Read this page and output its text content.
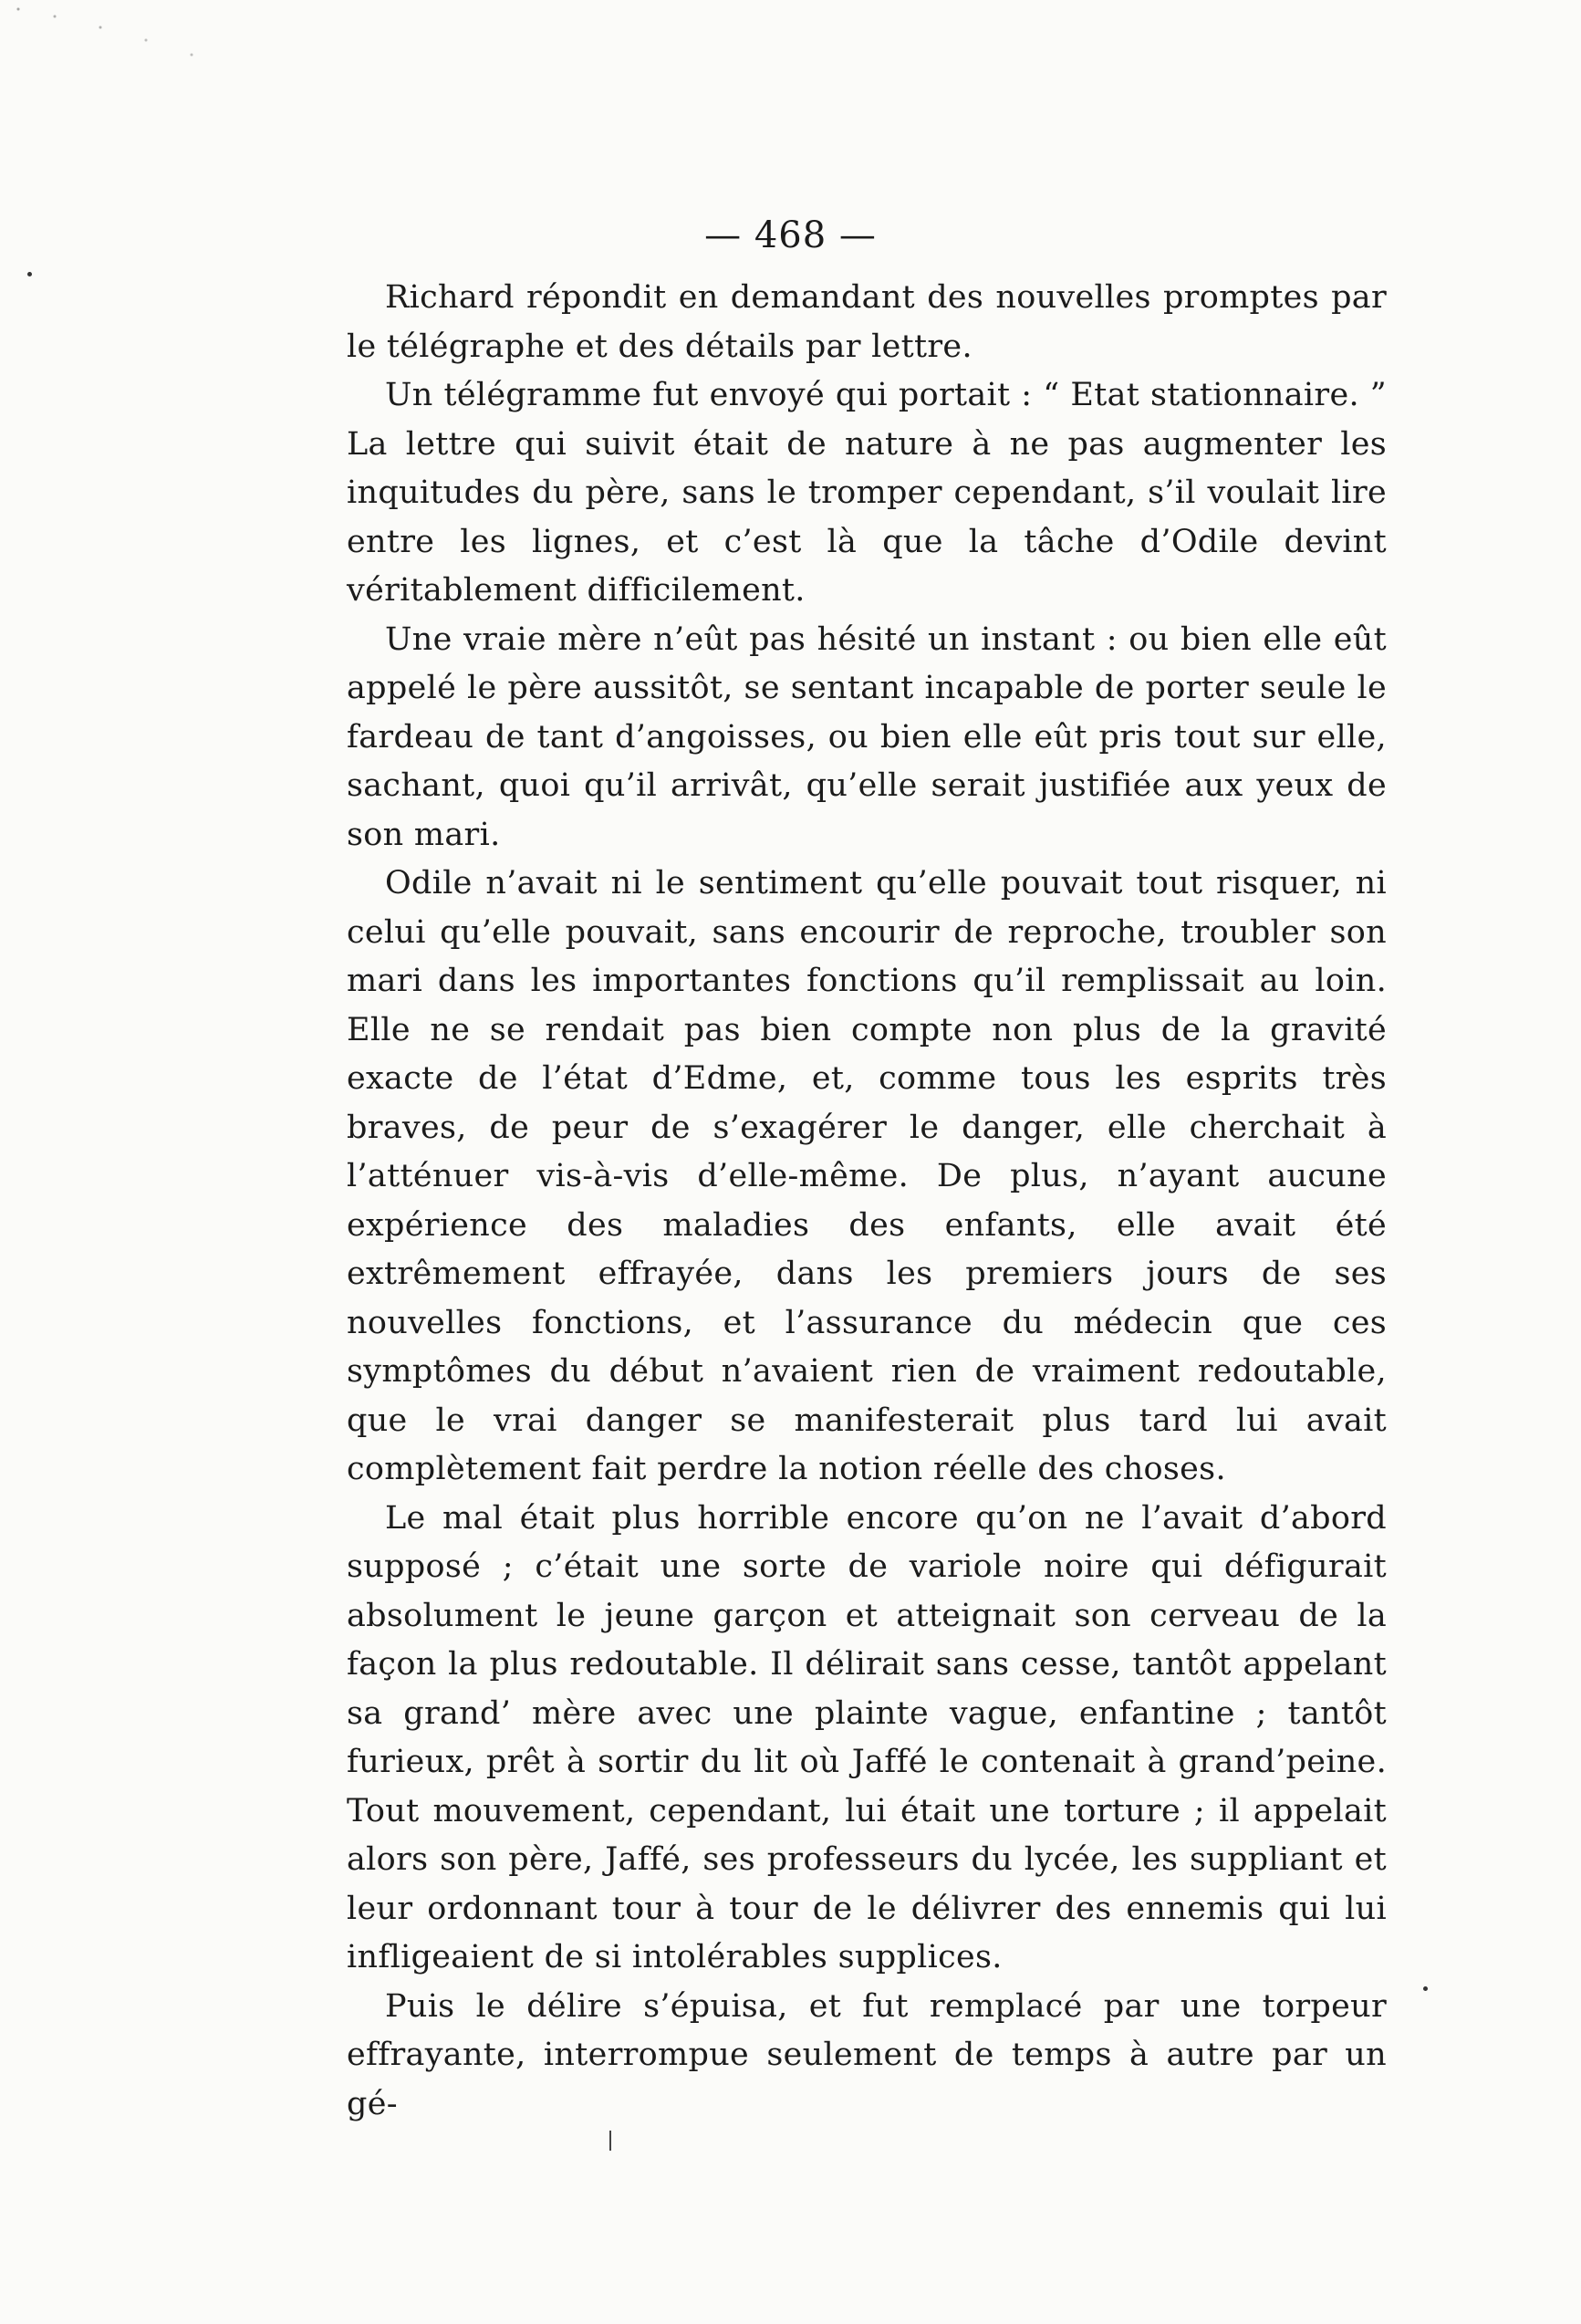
— 468 —

Richard répondit en demandant des nouvelles promptes par le télégraphe et des détails par lettre.

Un télégramme fut envoyé qui portait : “ Etat stationnaire. ” La lettre qui suivit était de nature à ne pas augmenter les inquitudes du père, sans le tromper cependant, s’il voulait lire entre les lignes, et c’est là que la tâche d’Odile devint véritablement difficilement.

Une vraie mère n’eût pas hésité un instant : ou bien elle eût appelé le père aussitôt, se sentant incapable de porter seule le fardeau de tant d’angoisses, ou bien elle eût pris tout sur elle, sachant, quoi qu’il arrivât, qu’elle serait justifiée aux yeux de son mari.

Odile n’avait ni le sentiment qu’elle pouvait tout risquer, ni celui qu’elle pouvait, sans encourir de reproche, troubler son mari dans les importantes fonctions qu’il remplissait au loin. Elle ne se rendait pas bien compte non plus de la gravité exacte de l’état d’Edme, et, comme tous les esprits très braves, de peur de s’exagérer le danger, elle cherchait à l’atténuer vis-à-vis d’elle-même. De plus, n’ayant aucune expérience des maladies des enfants, elle avait été extrêmement effrayée, dans les premiers jours de ses nouvelles fonctions, et l’assurance du médecin que ces symptômes du début n’avaient rien de vraiment redoutable, que le vrai danger se manifesterait plus tard lui avait complètement fait perdre la notion réelle des choses.

Le mal était plus horrible encore qu’on ne l’avait d’abord supposé ; c’était une sorte de variole noire qui défigurait absolument le jeune garçon et atteignait son cerveau de la façon la plus redoutable. Il délirait sans cesse, tantôt appelant sa grand’ mère avec une plainte vague, enfantine ; tantôt furieux, prêt à sortir du lit où Jaffé le contenait à grand’peine. Tout mouvement, cependant, lui était une torture ; il appelait alors son père, Jaffé, ses professeurs du lycée, les suppliant et leur ordonnant tour à tour de le délivrer des ennemis qui lui infligeaient de si intolérables supplices.

Puis le délire s’épuisa, et fut remplacé par une torpeur effrayante, interrompue seulement de temps à autre par un gé-
